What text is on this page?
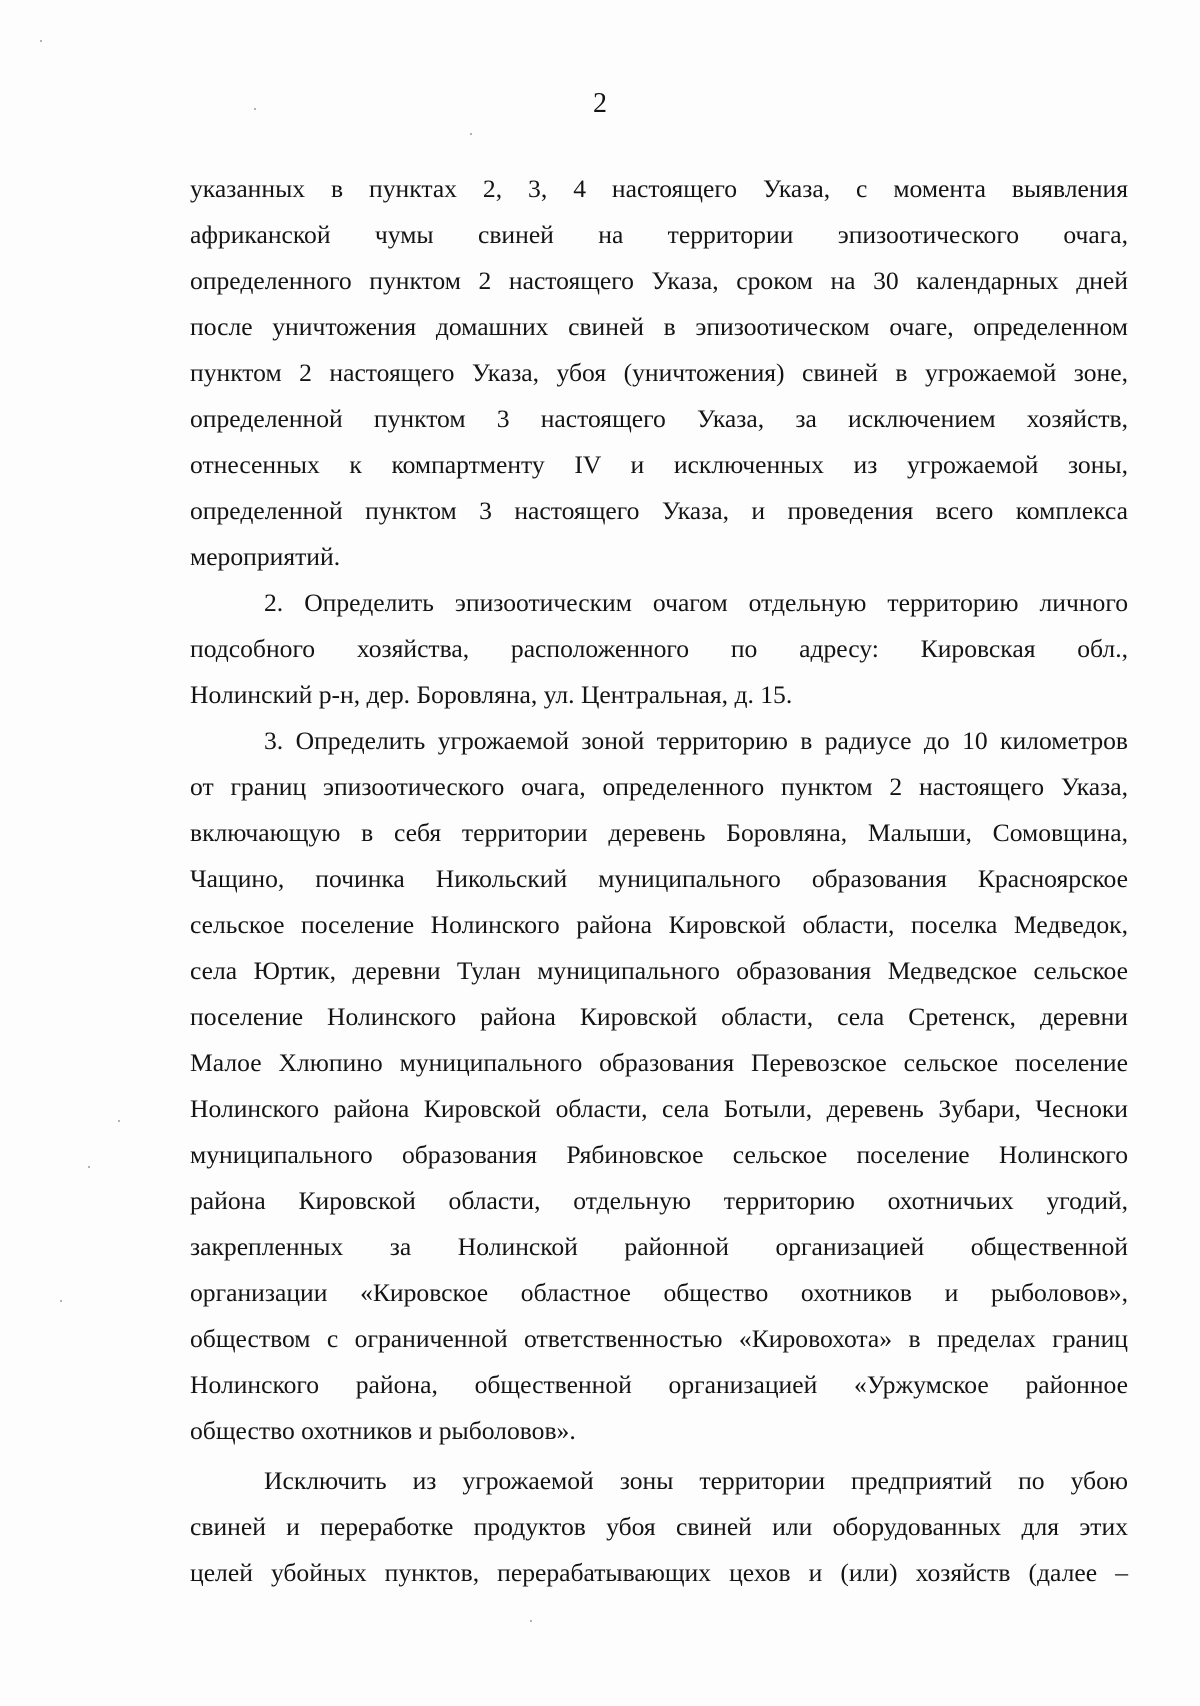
2
указанных в пунктах 2, 3, 4 настоящего Указа, с момента выявления
африканской чумы свиней на территории эпизоотического очага,
определенного пунктом 2 настоящего Указа, сроком на 30 календарных дней
после уничтожения домашних свиней в эпизоотическом очаге, определенном
пунктом 2 настоящего Указа, убоя (уничтожения) свиней в угрожаемой зоне,
определенной пунктом 3 настоящего Указа, за исключением хозяйств,
отнесенных к компартменту IV и исключенных из угрожаемой зоны,
определенной пунктом 3 настоящего Указа, и проведения всего комплекса
мероприятий.
2. Определить эпизоотическим очагом отдельную территорию личного
подсобного хозяйства, расположенного по адресу: Кировская обл.,
Нолинский р-н, дер. Боровляна, ул. Центральная, д. 15.
3. Определить угрожаемой зоной территорию в радиусе до 10 километров
от границ эпизоотического очага, определенного пунктом 2 настоящего Указа,
включающую в себя территории деревень Боровляна, Малыши, Сомовщина,
Чащино, починка Никольский муниципального образования Красноярское
сельское поселение Нолинского района Кировской области, поселка Медведок,
села Юртик, деревни Тулан муниципального образования Медведское сельское
поселение Нолинского района Кировской области, села Сретенск, деревни
Малое Хлюпино муниципального образования Перевозское сельское поселение
Нолинского района Кировской области, села Ботыли, деревень Зубари, Чесноки
муниципального образования Рябиновское сельское поселение Нолинского
района Кировской области, отдельную территорию охотничьих угодий,
закрепленных за Нолинской районной организацией общественной
организации «Кировское областное общество охотников и рыболовов»,
обществом с ограниченной ответственностью «Кировохота» в пределах границ
Нолинского района, общественной организацией «Уржумское районное
общество охотников и рыболовов».
Исключить из угрожаемой зоны территории предприятий по убою
свиней и переработке продуктов убоя свиней или оборудованных для этих
целей убойных пунктов, перерабатывающих цехов и (или) хозяйств (далее –
